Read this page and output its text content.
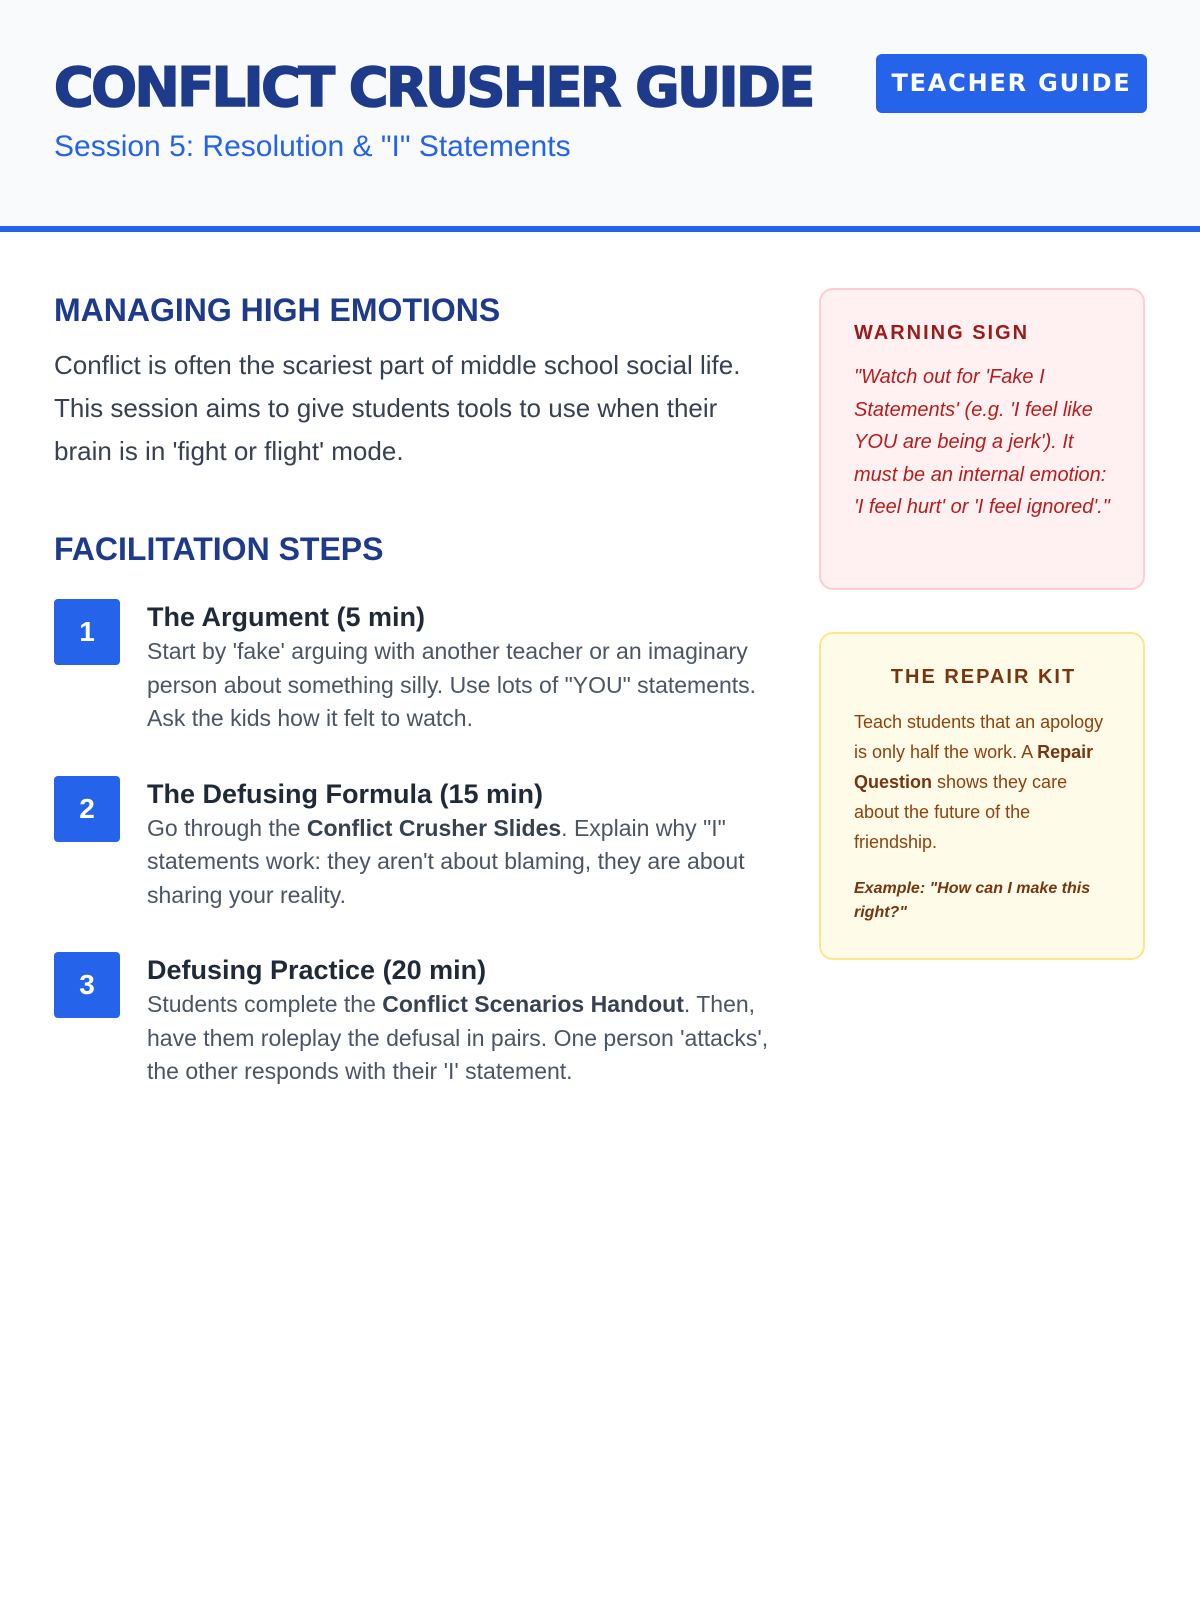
CONFLICT CRUSHER GUIDE	TEACHER GUIDE
Session 5: Resolution & "I" Statements
MANAGING HIGH EMOTIONS

Conflict is often the scariest part of middle school social life. This session aims to give students tools to use when their brain is in 'fight or flight' mode.

FACILITATION STEPS
1	The Argument (5 min)
Start by 'fake' arguing with another teacher or an imaginary person about something silly. Use lots of "YOU" statements. Ask the kids how it felt to watch.
2	The Defusing Formula (15 min)
Go through the Conflict Crusher Slides. Explain why "I" statements work: they aren't about blaming, they are about sharing your reality.
3	Defusing Practice (20 min)
Students complete the Conflict Scenarios Handout. Then, have them roleplay the defusal in pairs. One person 'attacks', the other responds with their 'I' statement.
WARNING SIGN
"Watch out for 'Fake I Statements' (e.g. 'I feel like YOU are being a jerk'). It must be an internal emotion: 'I feel hurt' or 'I feel ignored'."
THE REPAIR KIT
Teach students that an apology is only half the work. A Repair Question shows they care about the future of the friendship.
Example: "How can I make this right?"
